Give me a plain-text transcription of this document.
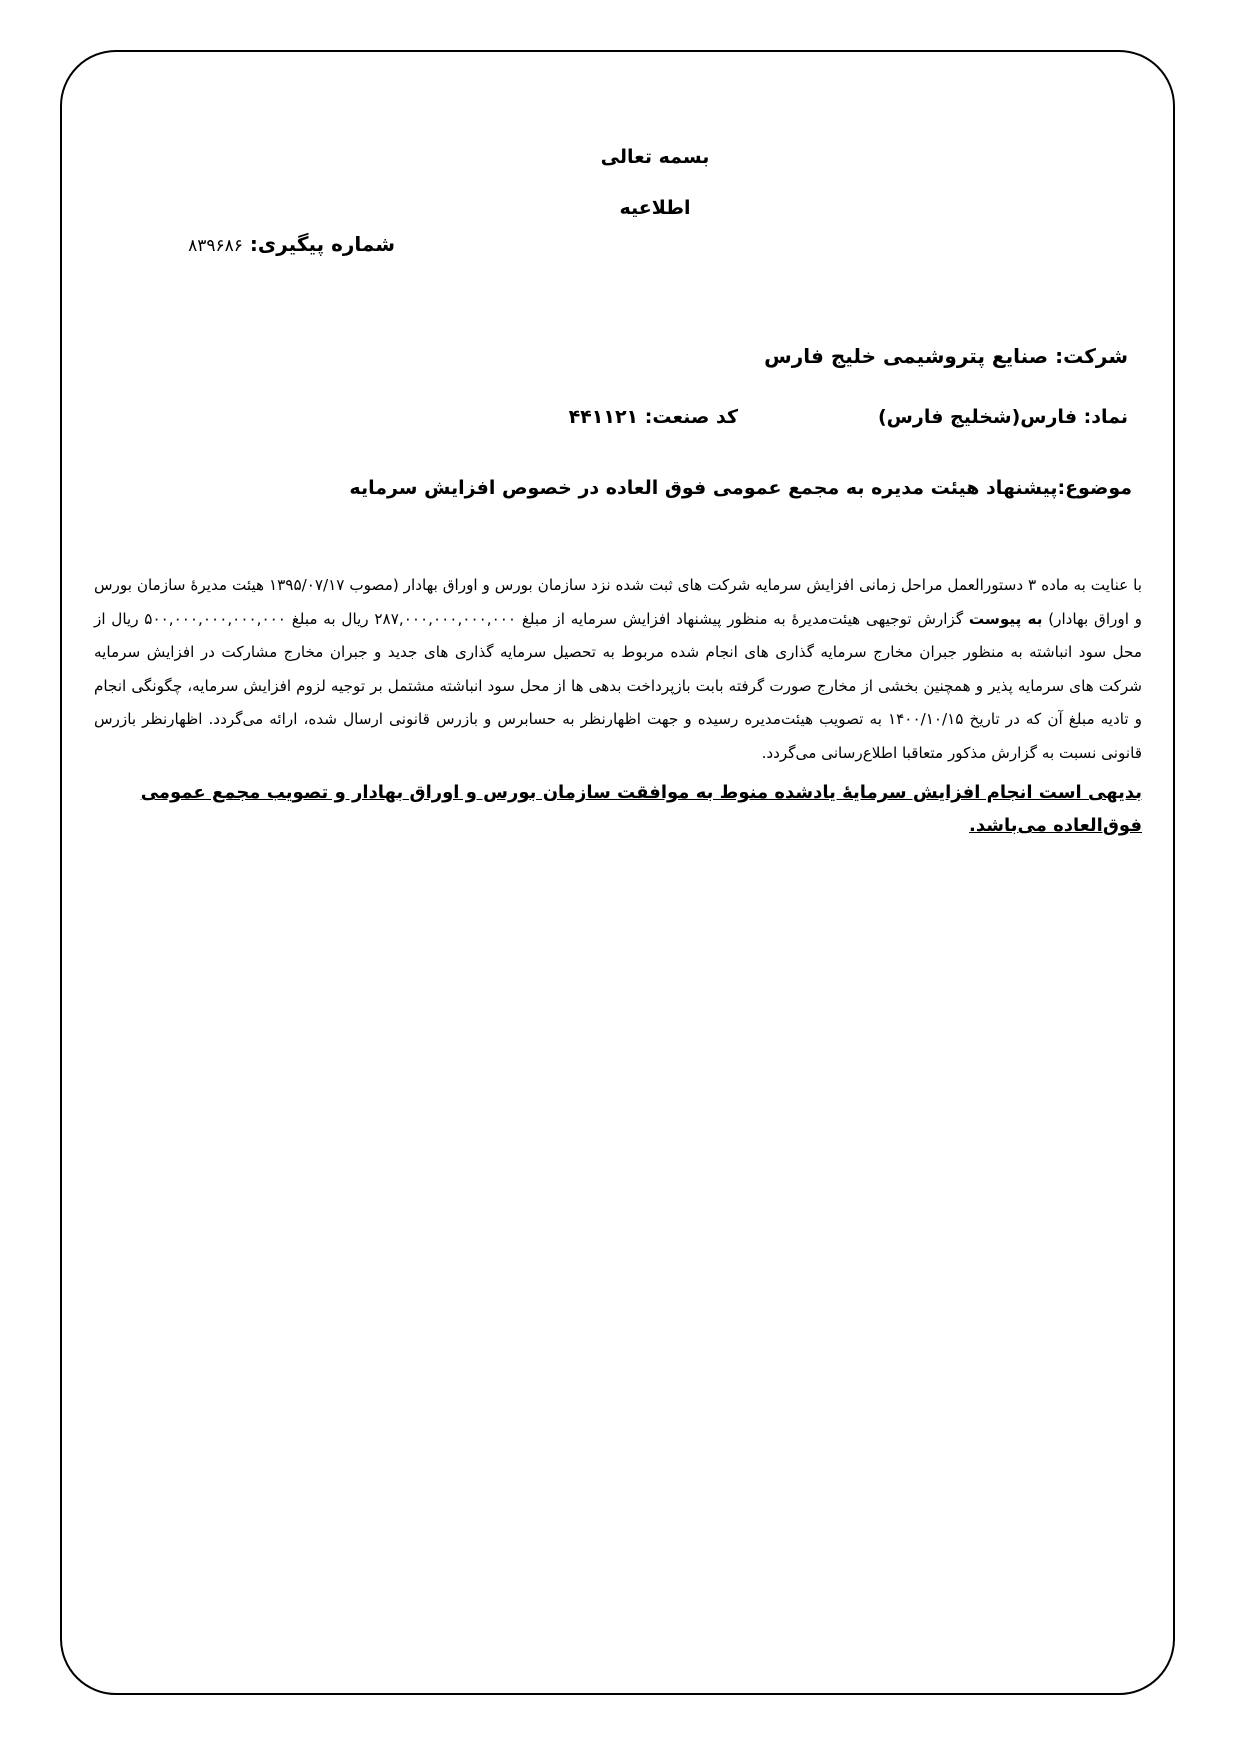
بسمه تعالی
اطلاعیه
شماره پیگیری: ۸۳۹۶۸۶
شرکت: صنایع پتروشیمی خلیج فارس
نماد: فارس(شخلیج فارس)
کد صنعت: ۴۴۱۱۲۱
موضوع:پیشنهاد هیئت مدیره به مجمع عمومی فوق العاده در خصوص افزایش سرمایه

با عنایت به ماده ۳ دستورالعمل مراحل زمانی افزایش سرمایه شرکت های ثبت شده نزد سازمان بورس و اوراق بهادار (مصوب ۱۳۹۵/۰۷/۱۷ هیئت مدیرهٔ سازمان بورس و اوراق بهادار) به پیوست گزارش توجیهی هیئت‌مدیرهٔ به منظور پیشنهاد افزایش سرمایه از مبلغ ۲۸۷,۰۰۰,۰۰۰,۰۰۰,۰۰۰ ریال به مبلغ ۵۰۰,۰۰۰,۰۰۰,۰۰۰,۰۰۰ ریال از محل سود انباشته به منظور جبران مخارج سرمایه گذاری های انجام شده مربوط به تحصیل سرمایه گذاری های جدید و جبران مخارج مشارکت در افزایش سرمایه شرکت های سرمایه پذیر و همچنین بخشی از مخارج صورت گرفته بابت بازپرداخت بدهی ها از محل سود انباشته مشتمل بر توجیه لزوم افزایش سرمایه، چگونگی انجام و تادیه مبلغ آن که در تاریخ ۱۴۰۰/۱۰/۱۵ به تصویب هیئت‌مدیره رسیده و جهت اظهارنظر به حسابرس و بازرس قانونی ارسال شده، ارائه می‌گردد. اظهارنظر بازرس قانونی نسبت به گزارش مذکور متعاقبا اطلاع‌رسانی می‌گردد.

بدیهی است انجام افزایش سرمایهٔ یادشده منوط به موافقت سازمان بورس و اوراق بهادار و تصویب مجمع عمومی فوق‌العاده می‌باشد.
